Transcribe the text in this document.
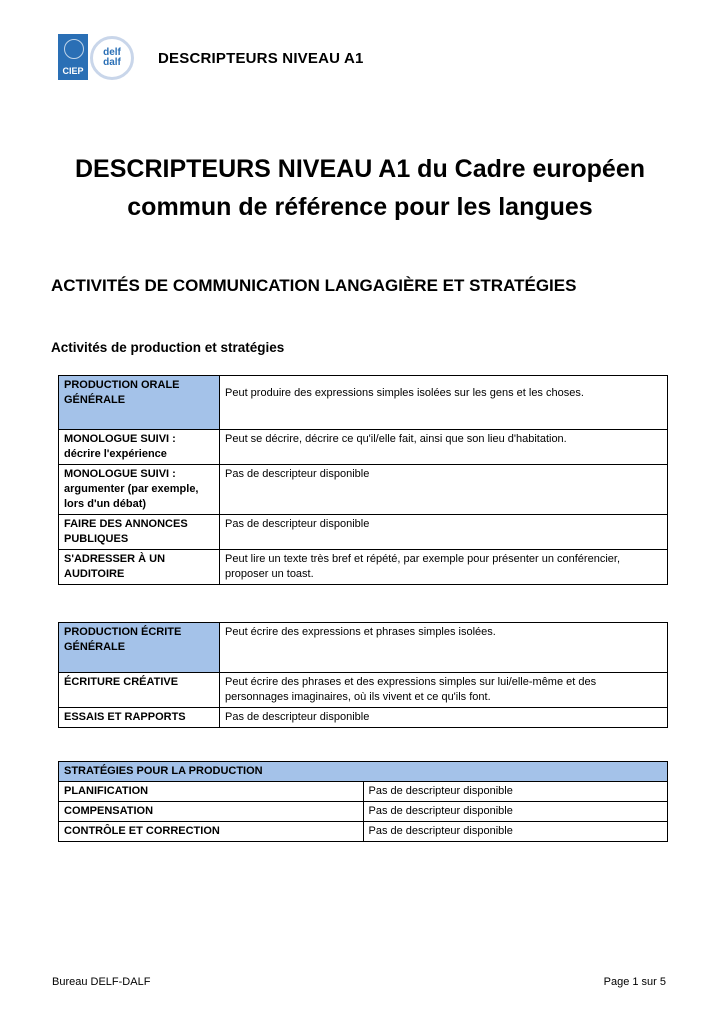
CIEP
delf
dalf DESCRIPTEURS NIVEAU A1
DESCRIPTEURS NIVEAU A1 du Cadre européen
commun de référence pour les langues
ACTIVITÉS DE COMMUNICATION LANGAGIÈRE ET STRATÉGIES
Activités de production et stratégies
PRODUCTION ORALE GÉNÉRALE	Peut produire des expressions simples isolées sur les gens et les choses.
MONOLOGUE SUIVI : décrire l'expérience	Peut se décrire, décrire ce qu'il/elle fait, ainsi que son lieu d'habitation.
MONOLOGUE SUIVI : argumenter (par exemple, lors d'un débat)	Pas de descripteur disponible
FAIRE DES ANNONCES PUBLIQUES	Pas de descripteur disponible
S'ADRESSER À UN AUDITOIRE	Peut lire un texte très bref et répété, par exemple pour présenter un conférencier, proposer un toast.
PRODUCTION ÉCRITE GÉNÉRALE	Peut écrire des expressions et phrases simples isolées.
ÉCRITURE CRÉATIVE	Peut écrire des phrases et des expressions simples sur lui/elle-même et des personnages imaginaires, où ils vivent et ce qu'ils font.
ESSAIS ET RAPPORTS	Pas de descripteur disponible
STRATÉGIES POUR LA PRODUCTION	
PLANIFICATION	Pas de descripteur disponible
COMPENSATION	Pas de descripteur disponible
CONTRÔLE ET CORRECTION	Pas de descripteur disponible
Bureau DELF-DALF	Page 1 sur 5
